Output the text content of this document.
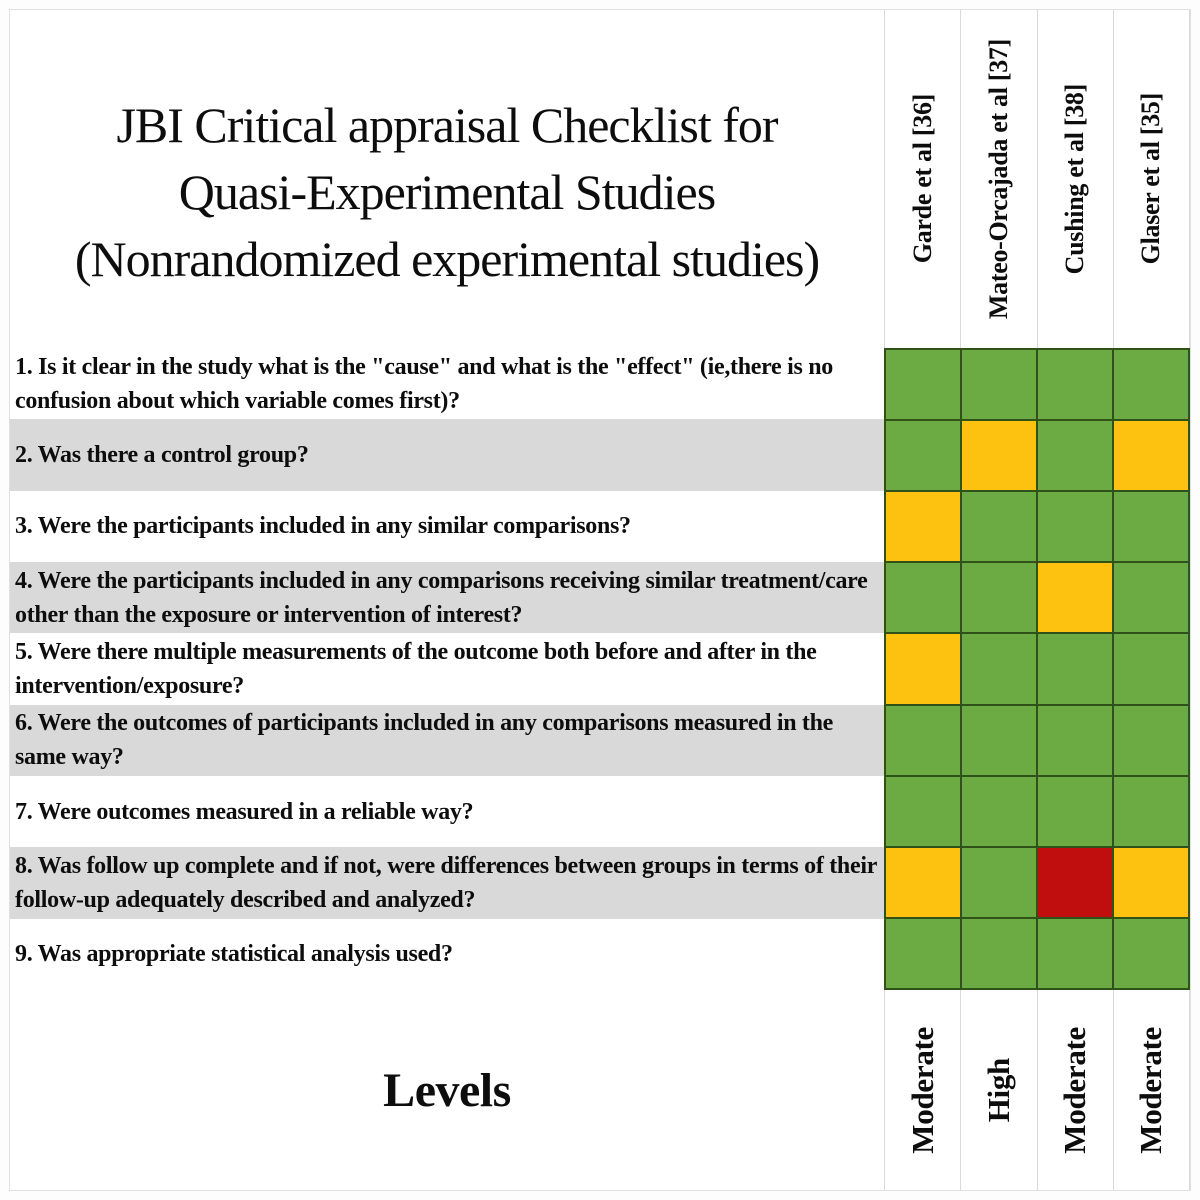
JBI Critical appraisal Checklist for
Quasi-Experimental Studies
(Nonrandomized experimental studies)	Garde et al [36] Mateo-Orcajada et al [37] Cushing et al [38] Glaser et al [35]
1. Is it clear in the study what is the "cause" and what is the "effect" (ie,there is no confusion about which variable comes first)?
2. Was there a control group?
3. Were the participants included in any similar comparisons?
4. Were the participants included in any comparisons receiving similar treatment/care other than the exposure or intervention of interest?
5. Were there multiple measurements of the outcome both before and after in the intervention/exposure?
6. Were the outcomes of participants included in any comparisons measured in the same way?
7. Were outcomes measured in a reliable way?
8. Was follow up complete and if not, were differences between groups in terms of their follow-up adequately described and analyzed?
9. Was appropriate statistical analysis used?
Levels	Moderate High Moderate Moderate
